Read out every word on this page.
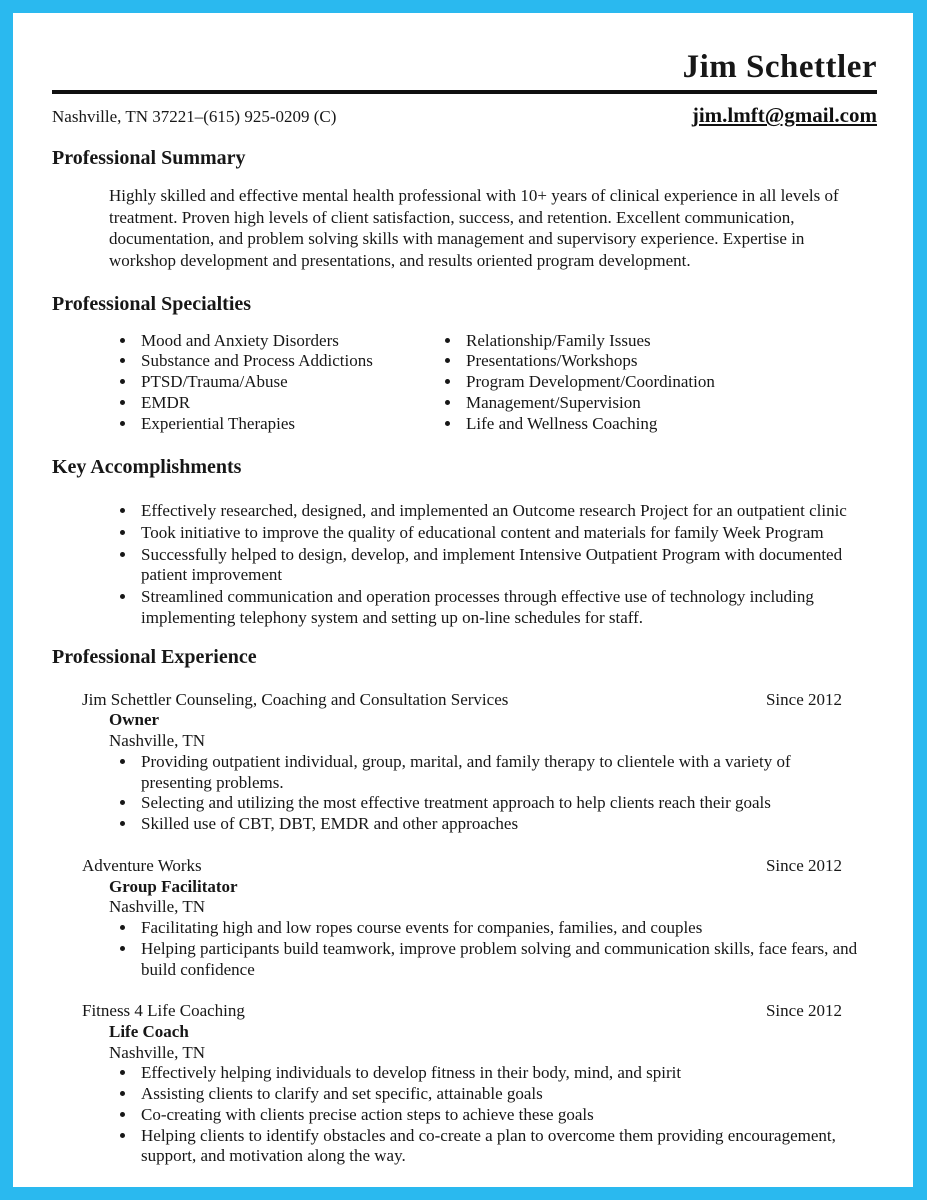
Jim Schettler
Nashville, TN 37221–(615) 925-0209 (C)	jim.lmft@gmail.com
Professional Summary

Highly skilled and effective mental health professional with 10+ years of clinical experience in all levels of treatment. Proven high levels of client satisfaction, success, and retention. Excellent communication, documentation, and problem solving skills with management and supervisory experience. Expertise in workshop development and presentations, and results oriented program development.

Professional Specialties
• Mood and Anxiety Disorders
• Substance and Process Addictions
• PTSD/Trauma/Abuse
• EMDR
• Experiential Therapies
• Relationship/Family Issues
• Presentations/Workshops
• Program Development/Coordination
• Management/Supervision
• Life and Wellness Coaching
Key Accomplishments
• Effectively researched, designed, and implemented an Outcome research Project for an outpatient clinic
• Took initiative to improve the quality of educational content and materials for family Week Program
• Successfully helped to design, develop, and implement Intensive Outpatient Program with documented patient improvement
• Streamlined communication and operation processes through effective use of technology including implementing telephony system and setting up on-line schedules for staff.
Professional Experience
Jim Schettler Counseling, Coaching and Consultation Services	Since 2012
Owner
Nashville, TN
• Providing outpatient individual, group, marital, and family therapy to clientele with a variety of presenting problems.
• Selecting and utilizing the most effective treatment approach to help clients reach their goals
• Skilled use of CBT, DBT, EMDR and other approaches
Adventure Works	Since 2012
Group Facilitator
Nashville, TN
• Facilitating high and low ropes course events for companies, families, and couples
• Helping participants build teamwork, improve problem solving and communication skills, face fears, and build confidence
Fitness 4 Life Coaching	Since 2012
Life Coach
Nashville, TN
• Effectively helping individuals to develop fitness in their body, mind, and spirit
• Assisting clients to clarify and set specific, attainable goals
• Co-creating with clients precise action steps to achieve these goals
• Helping clients to identify obstacles and co-create a plan to overcome them providing encouragement, support, and motivation along the way.
